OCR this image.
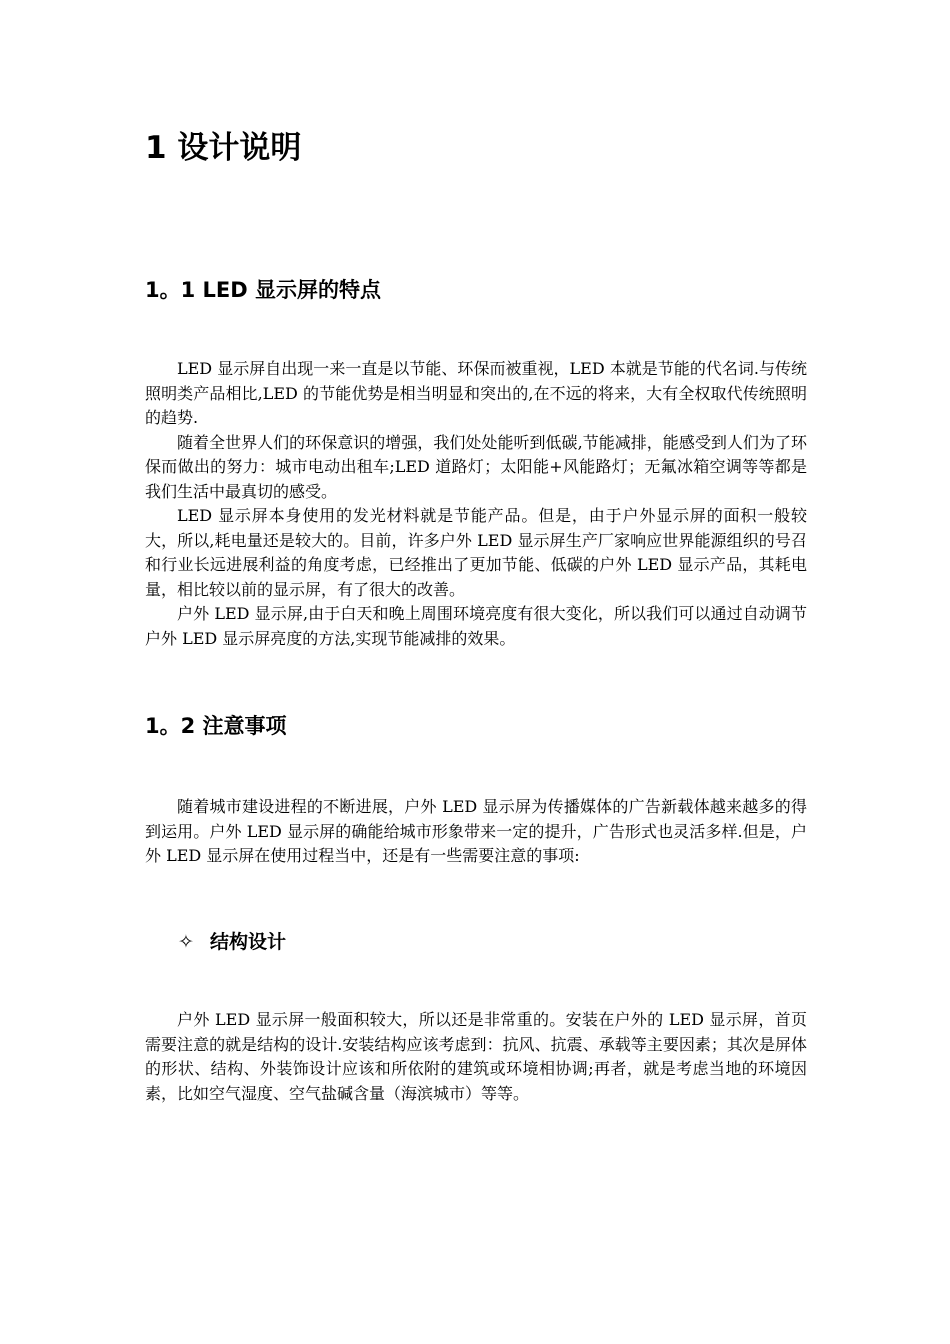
1 设计说明
1。1 LED 显示屏的特点

LED 显示屏自出现一来一直是以节能、环保而被重视，LED 本就是节能的代名词.与传统照明类产品相比,LED 的节能优势是相当明显和突出的,在不远的将来，大有全权取代传统照明的趋势.

随着全世界人们的环保意识的增强，我们处处能听到低碳,节能减排，能感受到人们为了环保而做出的努力：城市电动出租车;LED 道路灯；太阳能+风能路灯；无氟冰箱空调等等都是我们生活中最真切的感受。

LED 显示屏本身使用的发光材料就是节能产品。但是，由于户外显示屏的面积一般较大，所以,耗电量还是较大的。目前，许多户外 LED 显示屏生产厂家响应世界能源组织的号召和行业长远进展利益的角度考虑，已经推出了更加节能、低碳的户外 LED 显示产品，其耗电量，相比较以前的显示屏，有了很大的改善。

户外 LED 显示屏,由于白天和晚上周围环境亮度有很大变化，所以我们可以通过自动调节户外 LED 显示屏亮度的方法,实现节能减排的效果。

1。2 注意事项

随着城市建设进程的不断进展，户外 LED 显示屏为传播媒体的广告新载体越来越多的得到运用。户外 LED 显示屏的确能给城市形象带来一定的提升，广告形式也灵活多样.但是，户外 LED 显示屏在使用过程当中，还是有一些需要注意的事项:

✧ 结构设计

户外 LED 显示屏一般面积较大，所以还是非常重的。安装在户外的 LED 显示屏，首页需要注意的就是结构的设计.安装结构应该考虑到：抗风、抗震、承载等主要因素；其次是屏体的形状、结构、外装饰设计应该和所依附的建筑或环境相协调;再者，就是考虑当地的环境因素，比如空气湿度、空气盐碱含量（海滨城市）等等。
